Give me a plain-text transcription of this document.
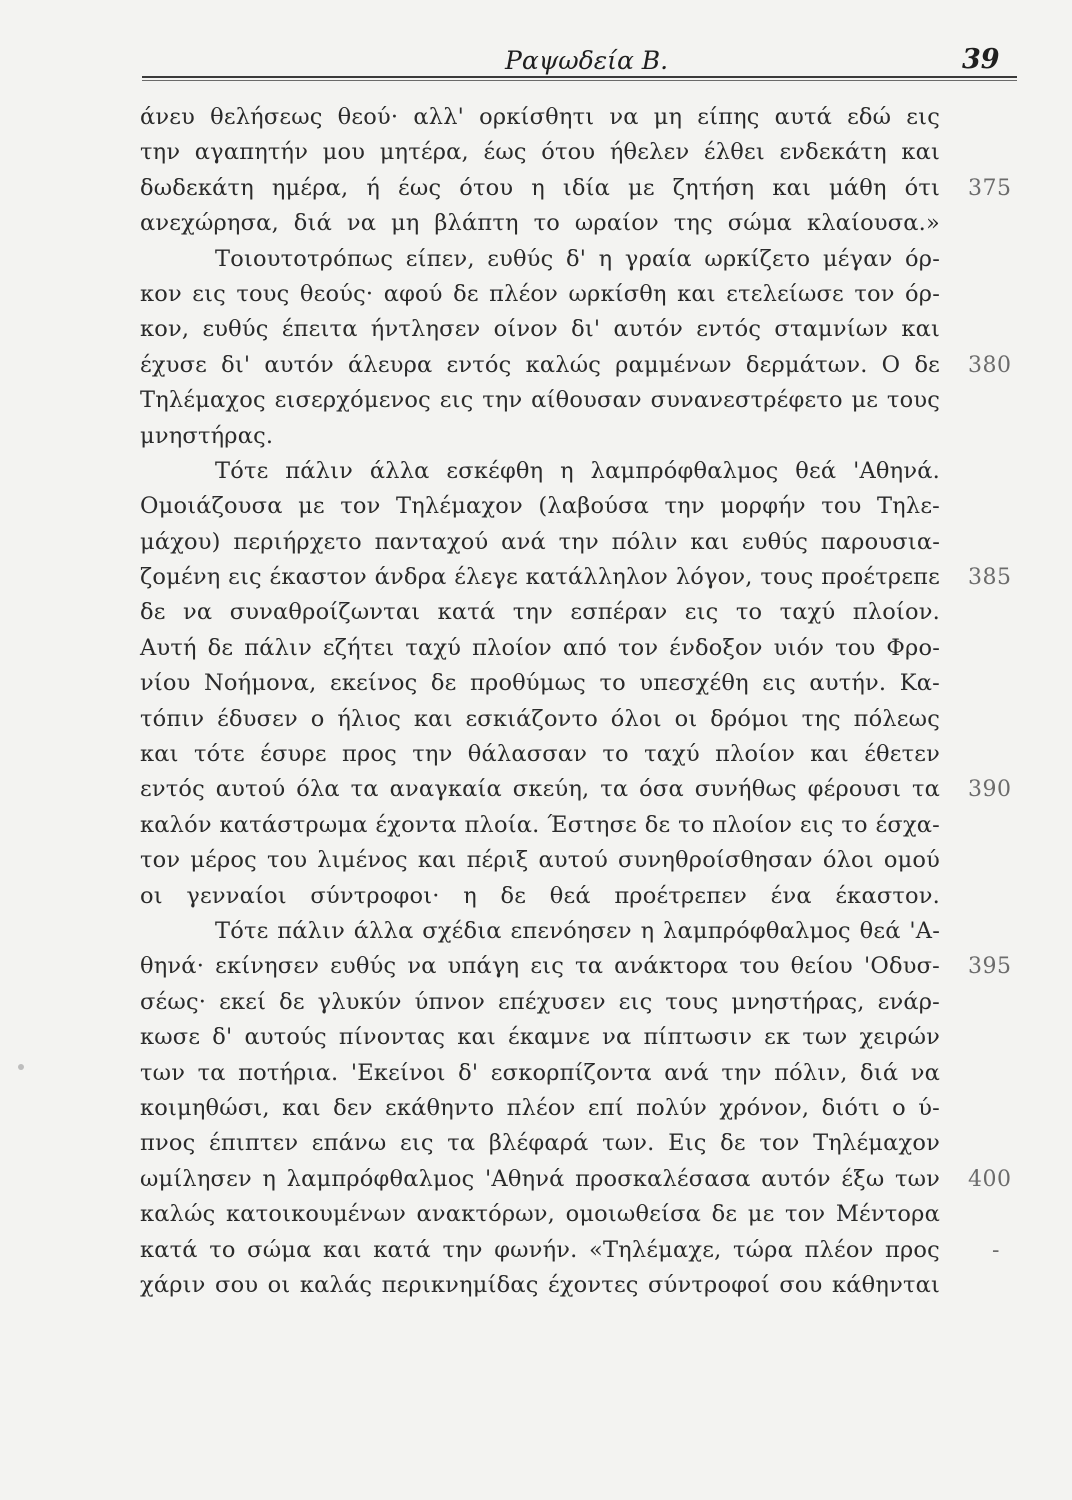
Ραψωδεία Β.	39
άνευ θελήσεως θεού· αλλ' ορκίσθητι να μη είπης αυτά εδώ εις
την αγαπητήν μου μητέρα, έως ότου ήθελεν έλθει ενδεκάτη και
δωδεκάτη ημέρα, ή έως ότου η ιδία με ζητήση και μάθη ότι 375
ανεχώρησα, διά να μη βλάπτη το ωραίον της σώμα κλαίουσα.»
Τοιουτοτρόπως είπεν, ευθύς δ' η γραία ωρκίζετο μέγαν όρ-
κον εις τους θεούς· αφού δε πλέον ωρκίσθη και ετελείωσε τον όρ-
κον, ευθύς έπειτα ήντλησεν οίνον δι' αυτόν εντός σταμνίων και
έχυσε δι' αυτόν άλευρα εντός καλώς ραμμένων δερμάτων. Ο δε 380
Τηλέμαχος εισερχόμενος εις την αίθουσαν συνανεστρέφετο με τους
μνηστήρας.
Τότε πάλιν άλλα εσκέφθη η λαμπρόφθαλμος θεά 'Αθηνά.
Ομοιάζουσα με τον Τηλέμαχον (λαβούσα την μορφήν του Τηλε-
μάχου) περιήρχετο πανταχού ανά την πόλιν και ευθύς παρουσια-
ζομένη εις έκαστον άνδρα έλεγε κατάλληλον λόγον, τους προέτρεπε 385
δε να συναθροίζωνται κατά την εσπέραν εις το ταχύ πλοίον.
Αυτή δε πάλιν εζήτει ταχύ πλοίον από τον ένδοξον υιόν του Φρο-
νίου Νοήμονα, εκείνος δε προθύμως το υπεσχέθη εις αυτήν. Κα-
τόπιν έδυσεν ο ήλιος και εσκιάζοντο όλοι οι δρόμοι της πόλεως
και τότε έσυρε προς την θάλασσαν το ταχύ πλοίον και έθετεν
εντός αυτού όλα τα αναγκαία σκεύη, τα όσα συνήθως φέρουσι τα 390
καλόν κατάστρωμα έχοντα πλοία. Έστησε δε το πλοίον εις το έσχα-
τον μέρος του λιμένος και πέριξ αυτού συνηθροίσθησαν όλοι ομού
οι γενναίοι σύντροφοι· η δε θεά προέτρεπεν ένα έκαστον.
Τότε πάλιν άλλα σχέδια επενόησεν η λαμπρόφθαλμος θεά 'Α-
θηνά· εκίνησεν ευθύς να υπάγη εις τα ανάκτορα του θείου 'Οδυσ- 395
σέως· εκεί δε γλυκύν ύπνον επέχυσεν εις τους μνηστήρας, ενάρ-
κωσε δ' αυτούς πίνοντας και έκαμνε να πίπτωσιν εκ των χειρών
των τα ποτήρια. 'Εκείνοι δ' εσκορπίζοντα ανά την πόλιν, διά να
κοιμηθώσι, και δεν εκάθηντο πλέον επί πολύν χρόνον, διότι ο ύ-
πνος έπιπτεν επάνω εις τα βλέφαρά των. Εις δε τον Τηλέμαχον
ωμίλησεν η λαμπρόφθαλμος 'Αθηνά προσκαλέσασα αυτόν έξω των 400
καλώς κατοικουμένων ανακτόρων, ομοιωθείσα δε με τον Μέντορα
κατά το σώμα και κατά την φωνήν. «Τηλέμαχε, τώρα πλέον προς -
χάριν σου οι καλάς περικνημίδας έχοντες σύντροφοί σου κάθηνται
